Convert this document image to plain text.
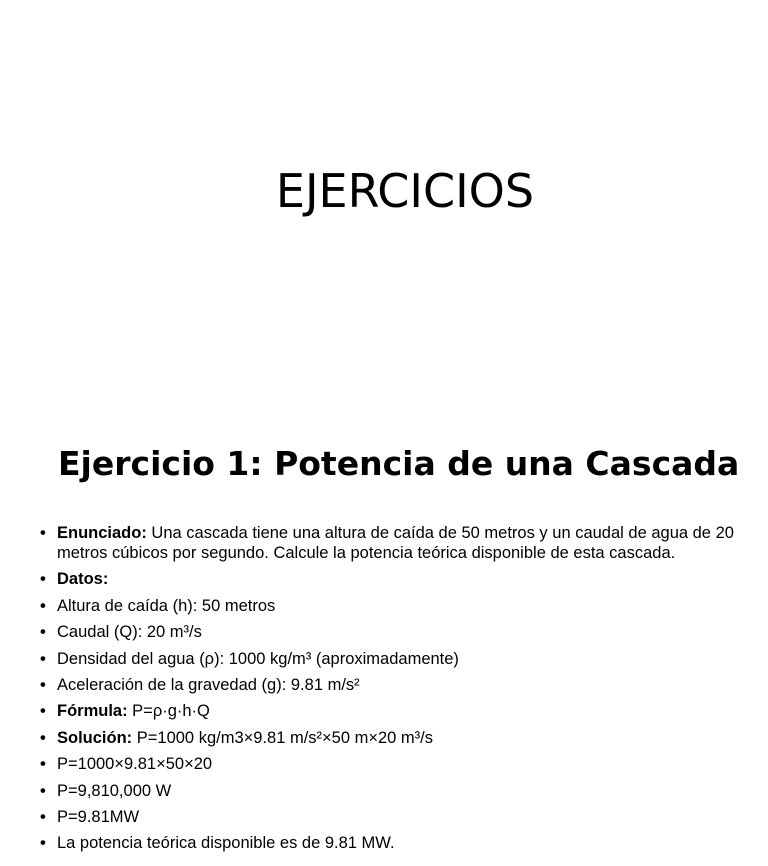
EJERCICIOS
Ejercicio 1: Potencia de una Cascada
• Enunciado: Una cascada tiene una altura de caída de 50 metros y un caudal de agua de 20 metros cúbicos por segundo. Calcule la potencia teórica disponible de esta cascada.
• Datos:
• Altura de caída (h): 50 metros
• Caudal (Q): 20 m³/s
• Densidad del agua (ρ): 1000 kg/m³ (aproximadamente)
• Aceleración de la gravedad (g): 9.81 m/s²
• Fórmula: P=ρ·g·h·Q
• Solución: P=1000 kg/m3×9.81 m/s²×50 m×20 m³/s
• P=1000×9.81×50×20
• P=9,810,000 W
• P=9.81MW
• La potencia teórica disponible es de 9.81 MW.
